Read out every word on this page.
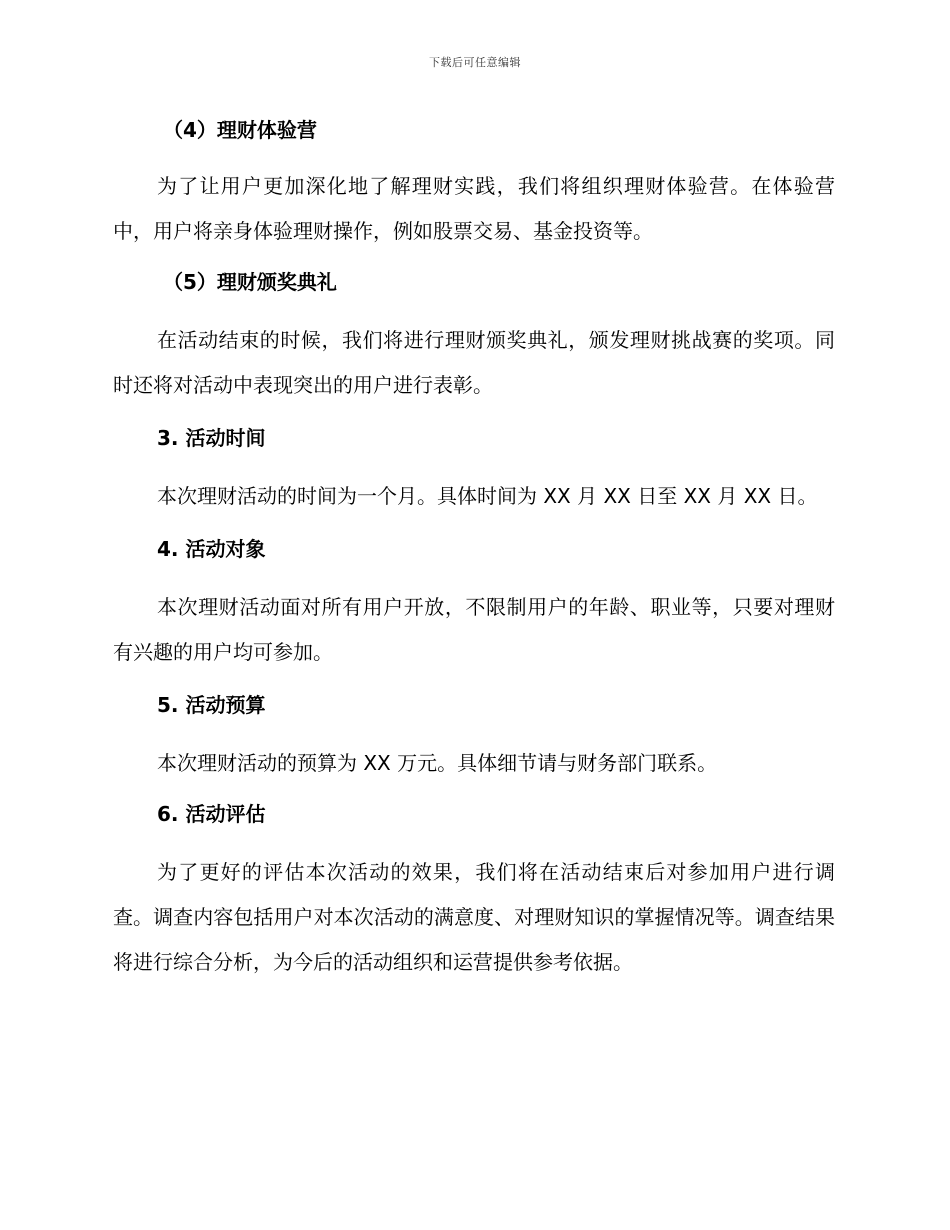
下载后可任意编辑
（4）理财体验营

为了让用户更加深化地了解理财实践，我们将组织理财体验营。在体验营中，用户将亲身体验理财操作，例如股票交易、基金投资等。

（5）理财颁奖典礼

在活动结束的时候，我们将进行理财颁奖典礼，颁发理财挑战赛的奖项。同时还将对活动中表现突出的用户进行表彰。

3. 活动时间

本次理财活动的时间为一个月。具体时间为 XX 月 XX 日至 XX 月 XX 日。

4. 活动对象

本次理财活动面对所有用户开放，不限制用户的年龄、职业等，只要对理财有兴趣的用户均可参加。

5. 活动预算

本次理财活动的预算为 XX 万元。具体细节请与财务部门联系。

6. 活动评估

为了更好的评估本次活动的效果，我们将在活动结束后对参加用户进行调查。调查内容包括用户对本次活动的满意度、对理财知识的掌握情况等。调查结果将进行综合分析，为今后的活动组织和运营提供参考依据。
